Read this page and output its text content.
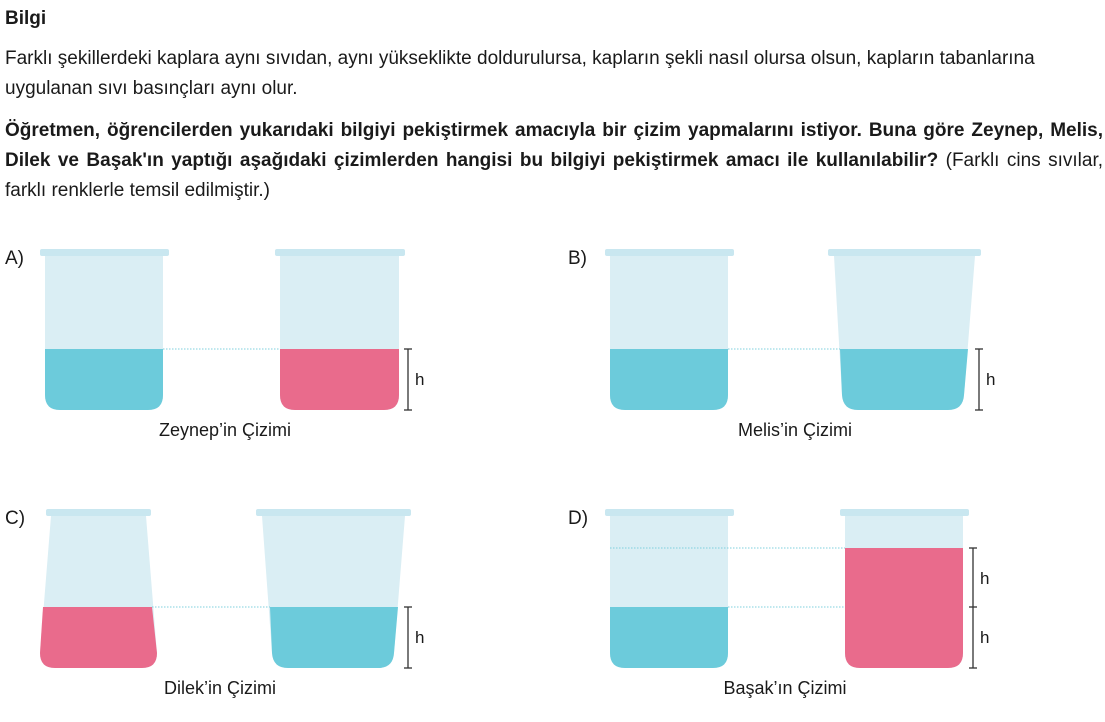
Bilgi
Farklı şekillerdeki kaplara aynı sıvıdan, aynı yükseklikte doldurulursa, kapların şekli nasıl olursa olsun, kapların tabanlarına uygulanan sıvı basınçları aynı olur.
Öğretmen, öğrencilerden yukarıdaki bilgiyi pekiştirmek amacıyla bir çizim yapmalarını istiyor. Buna göre Zeynep, Melis, Dilek ve Başak'ın yaptığı aşağıdaki çizimlerden hangisi bu bilgiyi pekiştirmek amacı ile kullanılabilir? (Farklı cins sıvılar, farklı renklerle temsil edilmiştir.)
A)	B)
C)	D)
Zeynep’in Çizimi	Melis’in Çizimi
Dilek’in Çizimi	Başak’ın Çizimi
h	h
h
h
h
